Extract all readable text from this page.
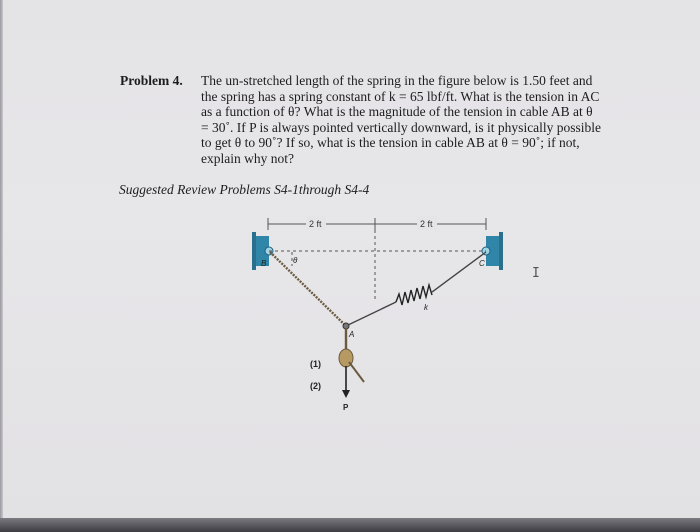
Problem 4. The un-stretched length of the spring in the figure below is 1.50 feet and
the spring has a spring constant of k = 65 lbf/ft. What is the tension in AC
as a function of θ? What is the magnitude of the tension in cable AB at θ
= 30˚. If P is always pointed vertically downward, is it physically possible
to get θ to 90˚? If so, what is the tension in cable AB at θ = 90˚; if not,
explain why not?
Suggested Review Problems S4-1through S4-4
2 ft	2 ft
B	θ	C
k
A
(1)
(2)
P
I
